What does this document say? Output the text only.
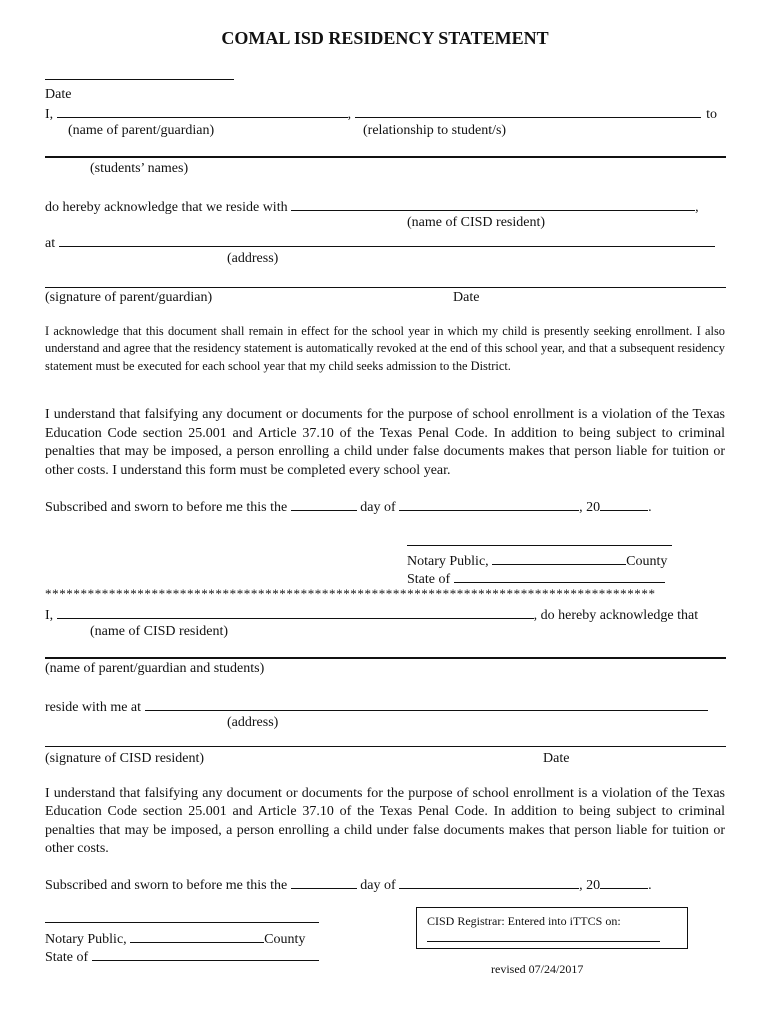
COMAL ISD RESIDENCY STATEMENT
Date
I,	,	to
(name of parent/guardian)	(relationship to student/s)
(students’ names)
do hereby acknowledge that we reside with	,
(name of CISD resident)
at
(address)
(signature of parent/guardian)	Date

I acknowledge that this document shall remain in effect for the school year in which my child is presently seeking enrollment. I also understand and agree that the residency statement is automatically revoked at the end of this school year, and that a subsequent residency statement must be executed for each school year that my child seeks admission to the District.

I understand that falsifying any document or documents for the purpose of school enrollment is a violation of the Texas Education Code section 25.001 and Article 37.10 of the Texas Penal Code. In addition to being subject to criminal penalties that may be imposed, a person enrolling a child under false documents makes that person liable for tuition or other costs. I understand this form must be completed every school year.

Subscribed and sworn to before me this the	day of	, 20	.
Notary Public,	County
State of
**************************************************************************************
I,	, do hereby acknowledge that
(name of CISD resident)
(name of parent/guardian and students)
reside with me at
(address)
(signature of CISD resident)	Date

I understand that falsifying any document or documents for the purpose of school enrollment is a violation of the Texas Education Code section 25.001 and Article 37.10 of the Texas Penal Code. In addition to being subject to criminal penalties that may be imposed, a person enrolling a child under false documents makes that person liable for tuition or other costs.

Subscribed and sworn to before me this the	day of	, 20	.
Notary Public,	County
State of
CISD Registrar: Entered into iTTCS on:
revised 07/24/2017
